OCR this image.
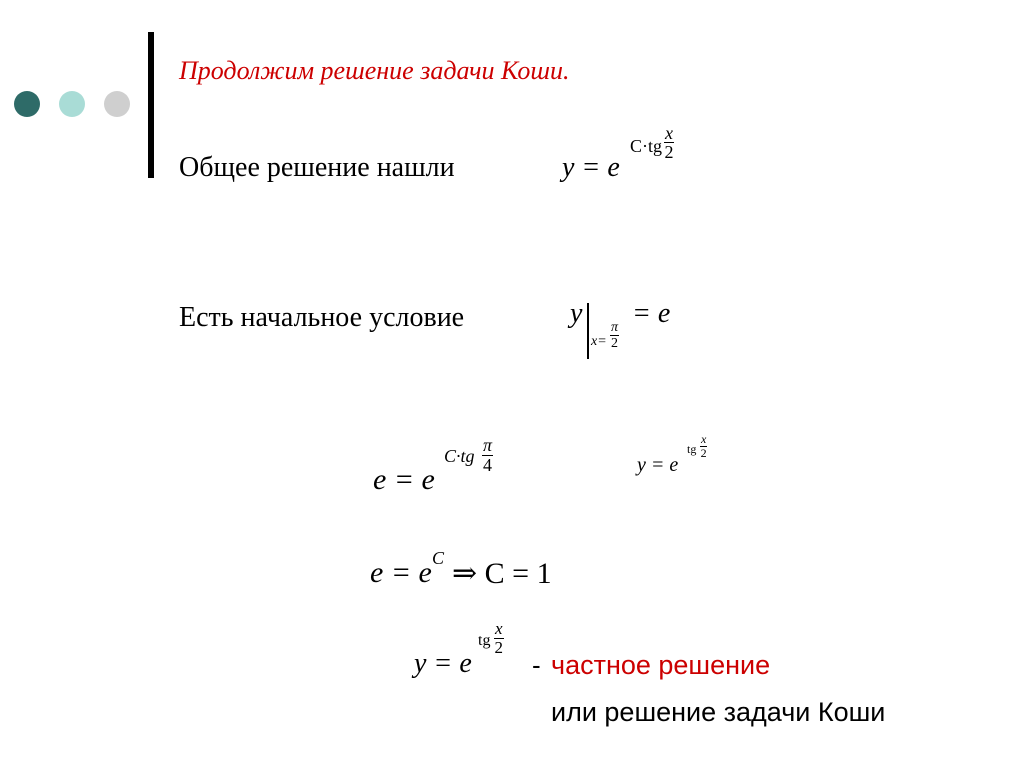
Продолжим решение задачи Коши.
Общее решение нашли	y = e
$C\cdot tg \frac{x}{2}$
Есть начальное условие	y
$x= \frac{\pi}{2}$
= e
e = e
$C\cdot tg \frac{\pi}{4}$	y = e
tg $\frac{x}{2}$
e = e C ⇒ C = 1
y = e
tg $\frac{x}{2}$
- частное решение
или решение задачи Коши
